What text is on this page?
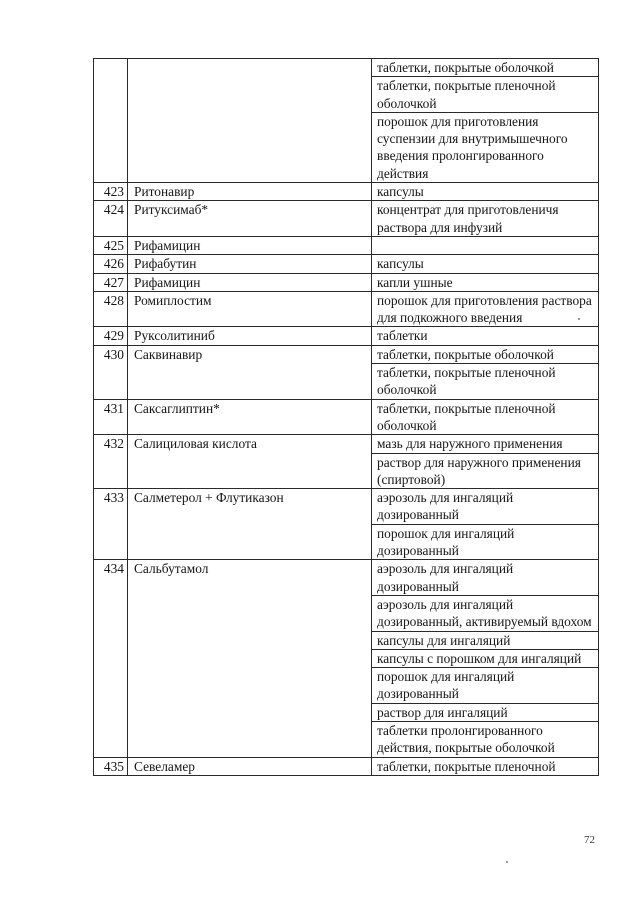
		таблетки, покрытые оболочкой
		таблетки, покрытые пленочной оболочкой
		порошок для приготовления суспензии для внутримышечного введения пролонгированного действия
423	Ритонавир	капсулы
424	Ритуксимаб*	концентрат для приготовленичя раствора для инфузий
425	Рифамицин	
426	Рифабутин	капсулы
427	Рифамицин	капли ушные
428	Ромиплостим	порошок для приготовления раствора для подкожного введения
429	Руксолитиниб	таблетки
430	Саквинавир	таблетки, покрытые оболочкой
		таблетки, покрытые пленочной оболочкой
431	Саксаглиптин*	таблетки, покрытые пленочной оболочкой
432	Салициловая кислота	мазь для наружного применения
		раствор для наружного применения (спиртовой)
433	Салметерол + Флутиказон	аэрозоль для ингаляций дозированный
		порошок для ингаляций дозированный
434	Сальбутамол	аэрозоль для ингаляций дозированный
		аэрозоль для ингаляций дозированный, активируемый вдохом
		капсулы для ингаляций
		капсулы с порошком для ингаляций
		порошок для ингаляций дозированный
		раствор для ингаляций
		таблетки пролонгированного действия, покрытые оболочкой
435	Севеламер	таблетки, покрытые пленочной
72
